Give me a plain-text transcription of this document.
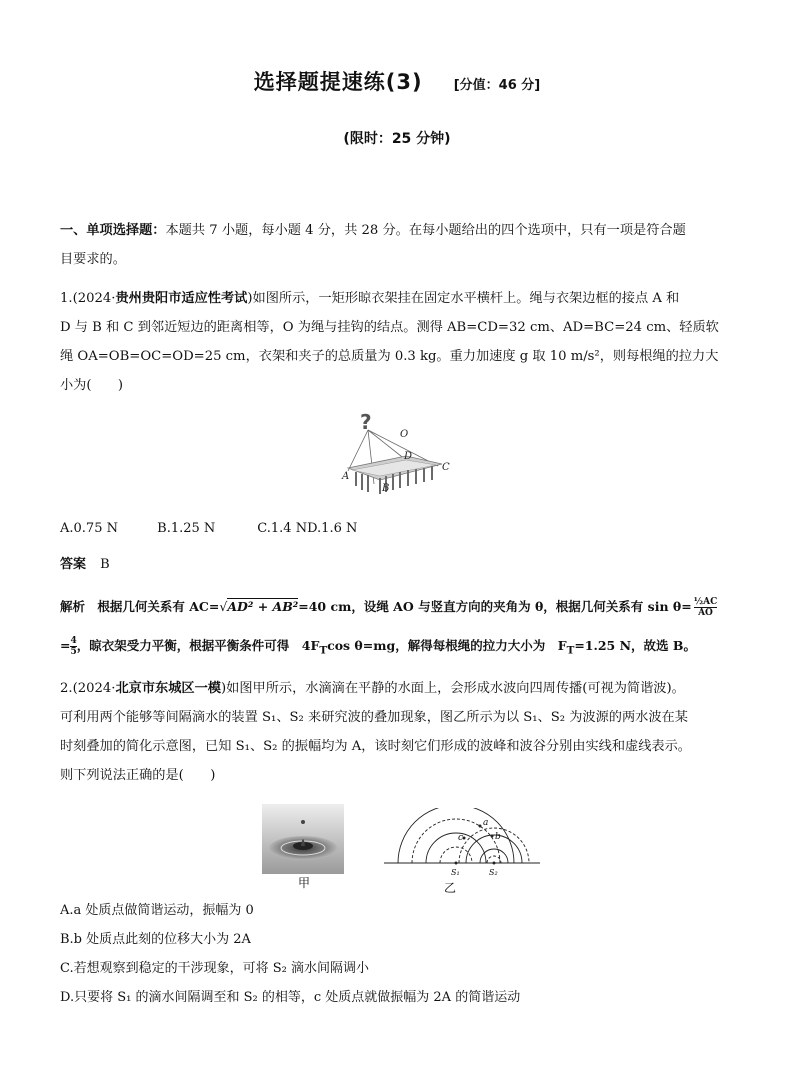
选择题提速练(3) [分值：46 分]
(限时：25 分钟)
一、单项选择题：本题共 7 小题，每小题 4 分，共 28 分。在每小题给出的四个选项中，只有一项是符合题
目要求的。
1.(2024·贵州贵阳市适应性考试)如图所示，一矩形晾衣架挂在固定水平横杆上。绳与衣架边框的接点 A 和
D 与 B 和 C 到邻近短边的距离相等，O 为绳与挂钩的结点。测得 AB=CD=32 cm、AD=BC=24 cm、轻质软
绳 OA=OB=OC=OD=25 cm，衣架和夹子的总质量为 0.3 kg。重力加速度 g 取 10 m/s²，则每根绳的拉力大
小为(　　)
?
O
A
B
C
D
A.0.75 N	B.1.25 N	C.1.4 ND.1.6 N
答案 B
解析 根据几何关系有 AC=√AD² + AB²=40 cm，设绳 AO 与竖直方向的夹角为 θ，根据几何关系有 $\sin \theta= \frac{\text{½AC}}{AO}$
= $\frac{4}{5}$ ，晾衣架受力平衡，根据平衡条件可得　$4F_T\cos$ θ=mg，解得每根绳的拉力大小为　$F_T=1.25$ N，故选 B。
2.(2024·北京市东城区一模)如图甲所示，水滴滴在平静的水面上，会形成水波向四周传播(可视为简谐波)。
可利用两个能够等间隔滴水的装置 S₁、S₂ 来研究波的叠加现象，图乙所示为以 S₁、S₂ 为波源的两水波在某
时刻叠加的简化示意图，已知 S₁、S₂ 的振幅均为 A，该时刻它们形成的波峰和波谷分别由实线和虚线表示。
则下列说法正确的是(　　)
甲
a
b
c
S₁	S₂
乙
A.a 处质点做简谐运动，振幅为 0
B.b 处质点此刻的位移大小为 2A
C.若想观察到稳定的干涉现象，可将 S₂ 滴水间隔调小
D.只要将 S₁ 的滴水间隔调至和 S₂ 的相等，c 处质点就做振幅为 2A 的简谐运动
